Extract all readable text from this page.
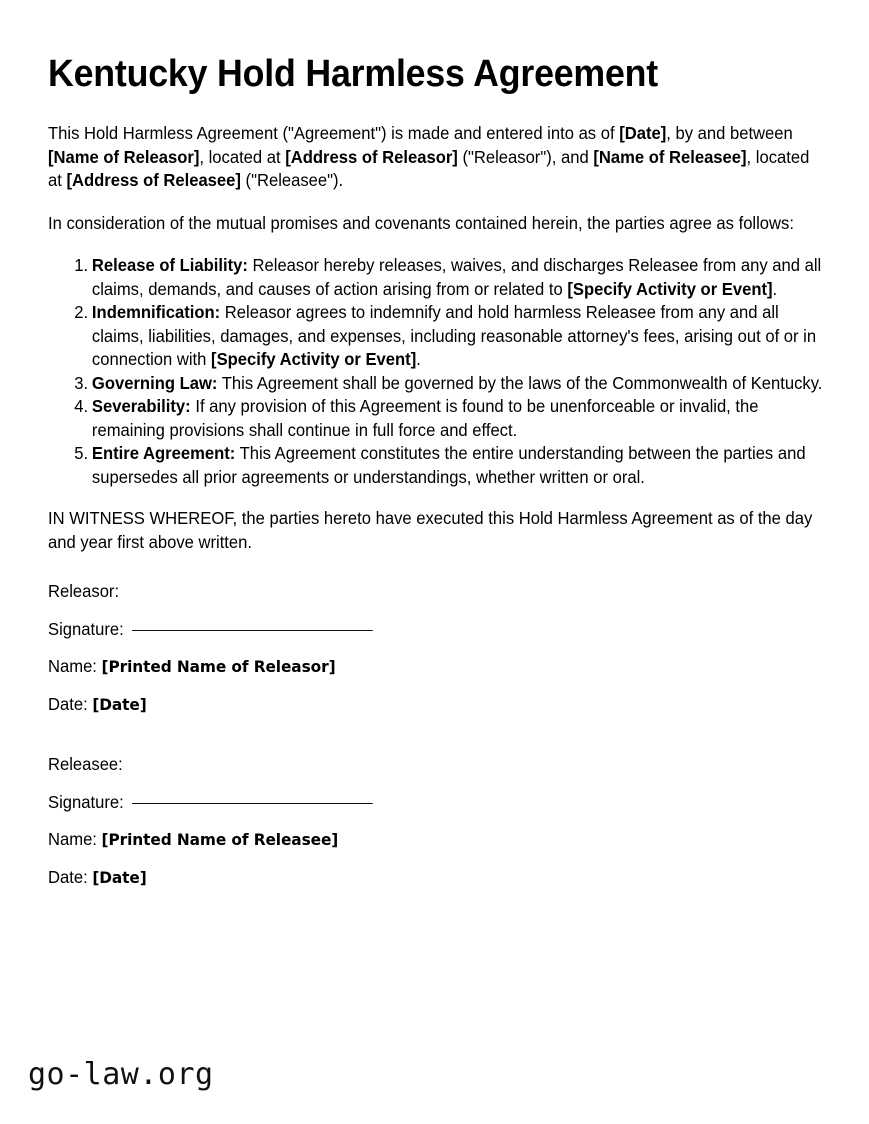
Kentucky Hold Harmless Agreement

This Hold Harmless Agreement ("Agreement") is made and entered into as of [Date], by and between [Name of Releasor], located at [Address of Releasor] ("Releasor"), and [Name of Releasee], located at [Address of Releasee] ("Releasee").

In consideration of the mutual promises and covenants contained herein, the parties agree as follows:

Release of Liability: Releasor hereby releases, waives, and discharges Releasee from any and all claims, demands, and causes of action arising from or related to [Specify Activity or Event].
Indemnification: Releasor agrees to indemnify and hold harmless Releasee from any and all claims, liabilities, damages, and expenses, including reasonable attorney's fees, arising out of or in connection with [Specify Activity or Event].
Governing Law: This Agreement shall be governed by the laws of the Commonwealth of Kentucky.
Severability: If any provision of this Agreement is found to be unenforceable or invalid, the remaining provisions shall continue in full force and effect.
Entire Agreement: This Agreement constitutes the entire understanding between the parties and supersedes all prior agreements or understandings, whether written or oral.

IN WITNESS WHEREOF, the parties hereto have executed this Hold Harmless Agreement as of the day and year first above written.

Releasor:
Signature:
Name: [Printed Name of Releasor]
Date: [Date]
Releasee:
Signature:
Name: [Printed Name of Releasee]
Date: [Date]
go-law.org
